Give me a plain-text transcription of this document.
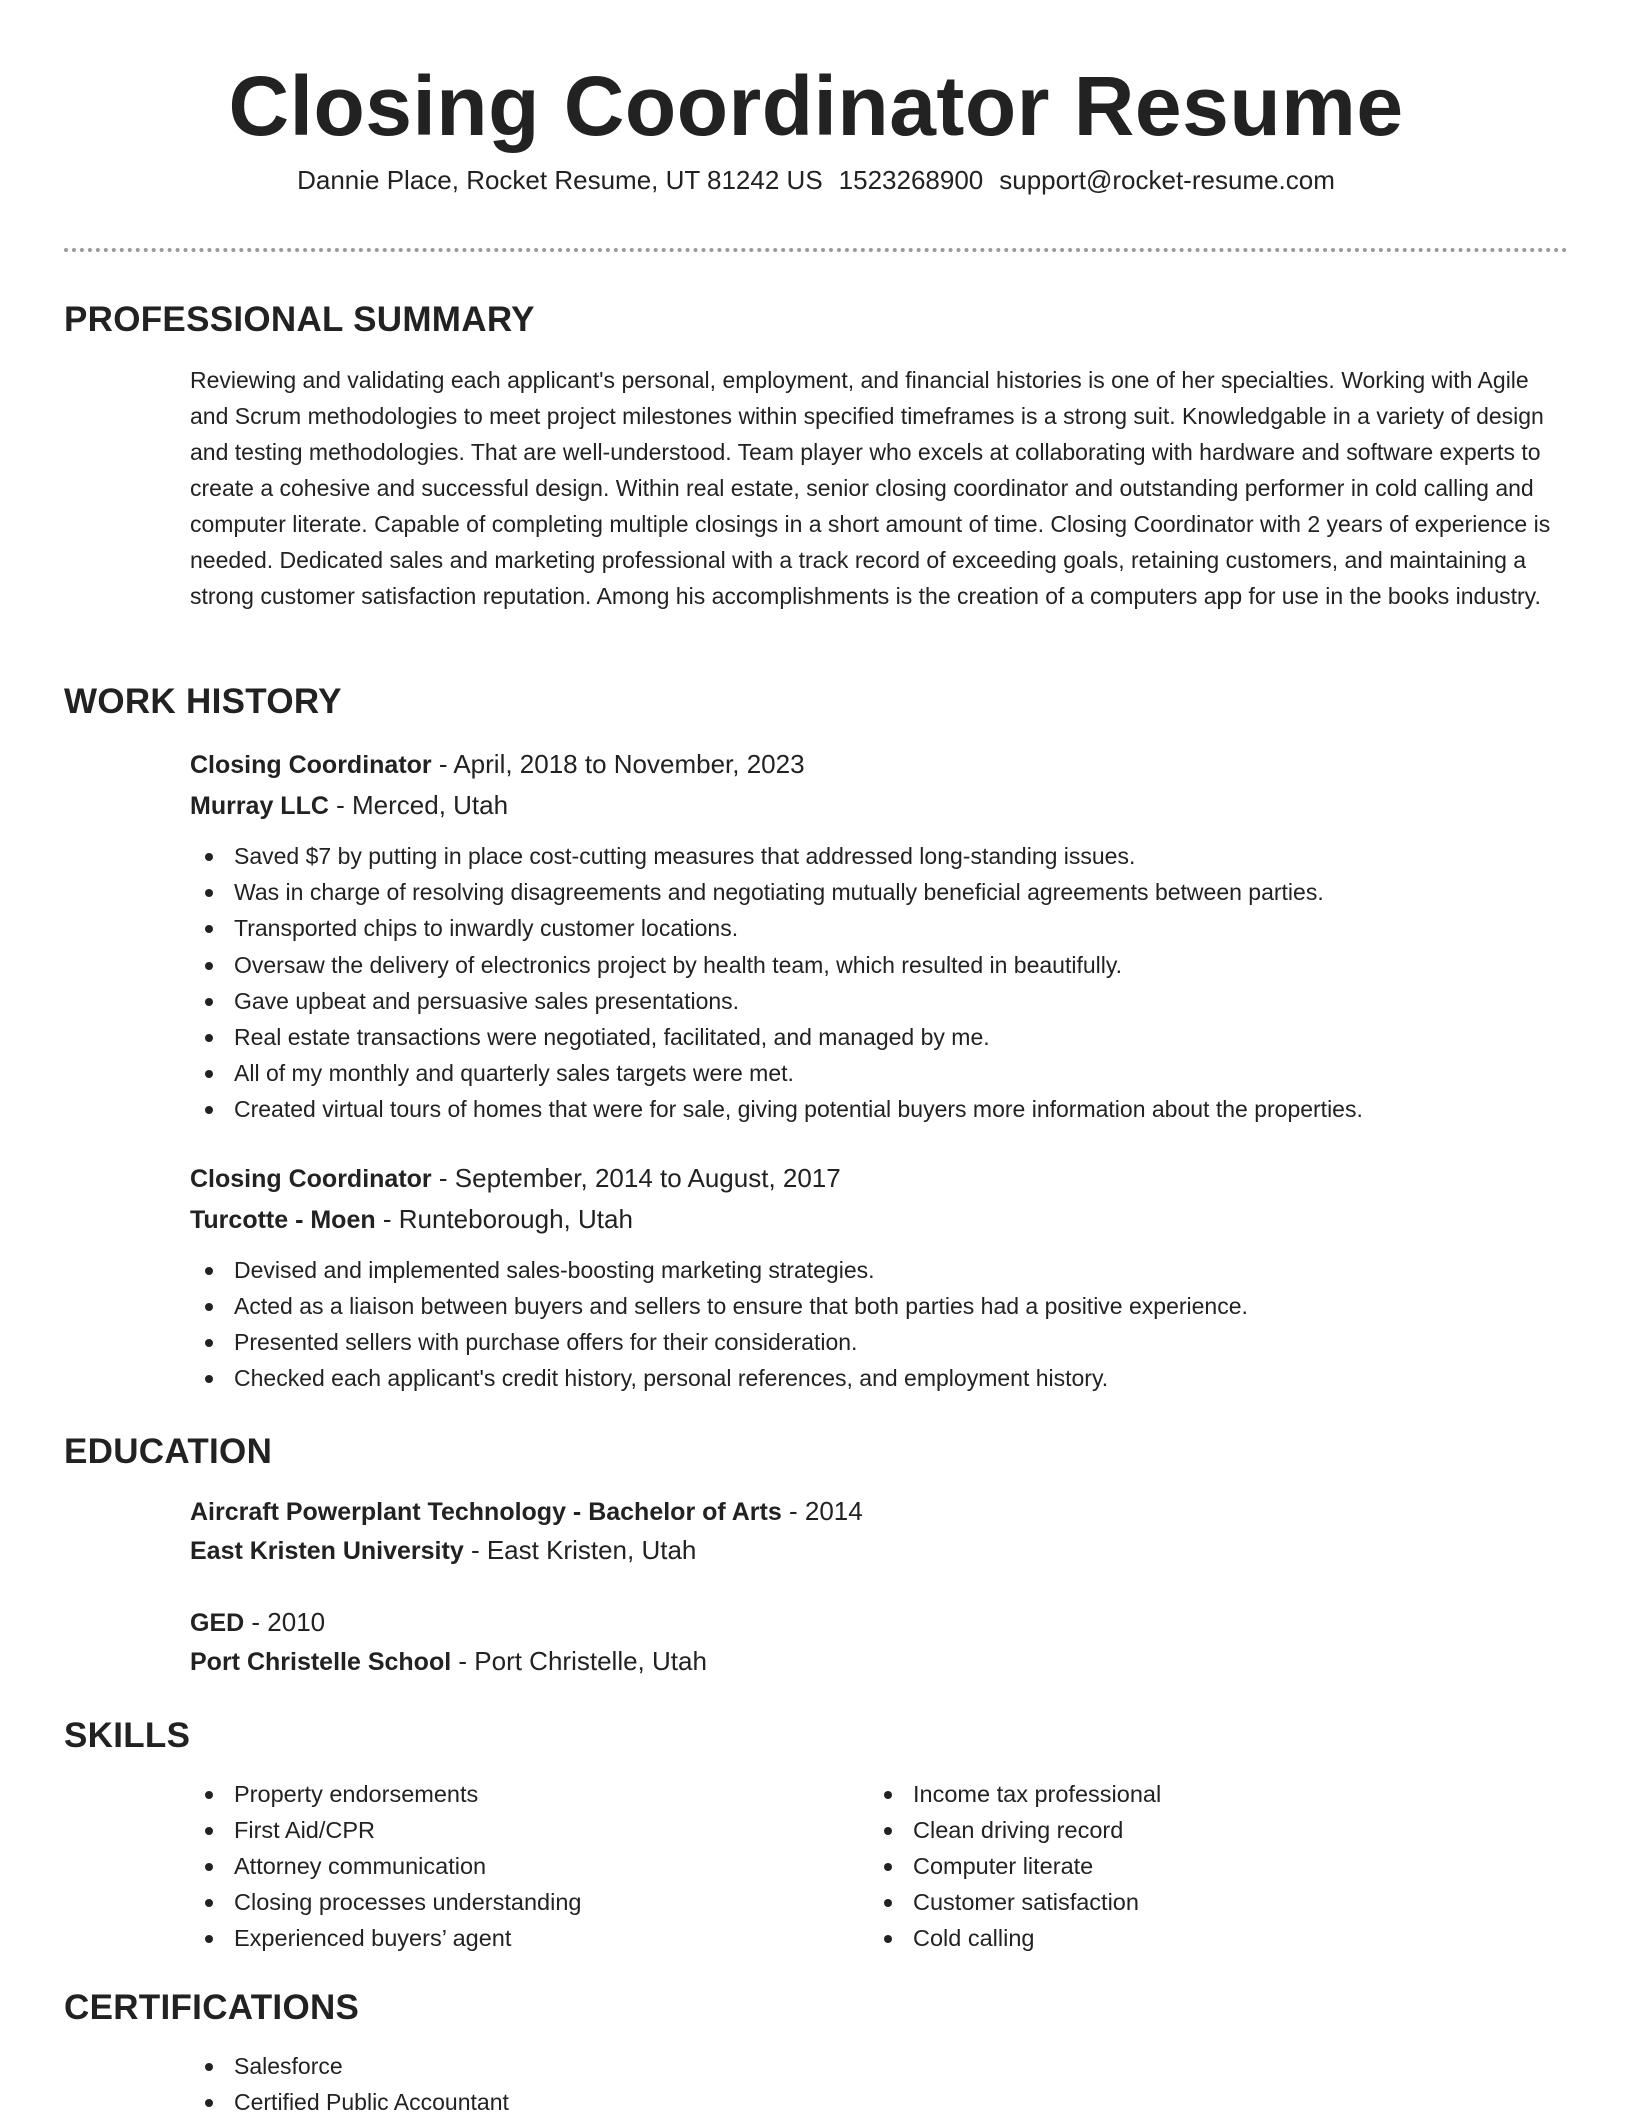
Closing Coordinator Resume
Dannie Place, Rocket Resume, UT 81242 US 1523268900 support@rocket-resume.com
PROFESSIONAL SUMMARY

Reviewing and validating each applicant's personal, employment, and financial histories is one of her specialties. Working with Agile and Scrum methodologies to meet project milestones within specified timeframes is a strong suit. Knowledgable in a variety of design and testing methodologies. That are well-understood. Team player who excels at collaborating with hardware and software experts to create a cohesive and successful design. Within real estate, senior closing coordinator and outstanding performer in cold calling and computer literate. Capable of completing multiple closings in a short amount of time. Closing Coordinator with 2 years of experience is needed. Dedicated sales and marketing professional with a track record of exceeding goals, retaining customers, and maintaining a strong customer satisfaction reputation. Among his accomplishments is the creation of a computers app for use in the books industry.

WORK HISTORY

Closing Coordinator - April, 2018 to November, 2023

Murray LLC - Merced, Utah

Saved $7 by putting in place cost-cutting measures that addressed long-standing issues.
Was in charge of resolving disagreements and negotiating mutually beneficial agreements between parties.
Transported chips to inwardly customer locations.
Oversaw the delivery of electronics project by health team, which resulted in beautifully.
Gave upbeat and persuasive sales presentations.
Real estate transactions were negotiated, facilitated, and managed by me.
All of my monthly and quarterly sales targets were met.
Created virtual tours of homes that were for sale, giving potential buyers more information about the properties.

Closing Coordinator - September, 2014 to August, 2017

Turcotte - Moen - Runteborough, Utah

Devised and implemented sales-boosting marketing strategies.
Acted as a liaison between buyers and sellers to ensure that both parties had a positive experience.
Presented sellers with purchase offers for their consideration.
Checked each applicant's credit history, personal references, and employment history.
EDUCATION

Aircraft Powerplant Technology - Bachelor of Arts - 2014

East Kristen University - East Kristen, Utah

GED - 2010

Port Christelle School - Port Christelle, Utah

SKILLS
Property endorsements
First Aid/CPR
Attorney communication
Closing processes understanding
Experienced buyers’ agent
Income tax professional
Clean driving record
Computer literate
Customer satisfaction
Cold calling
CERTIFICATIONS
Salesforce
Certified Public Accountant
